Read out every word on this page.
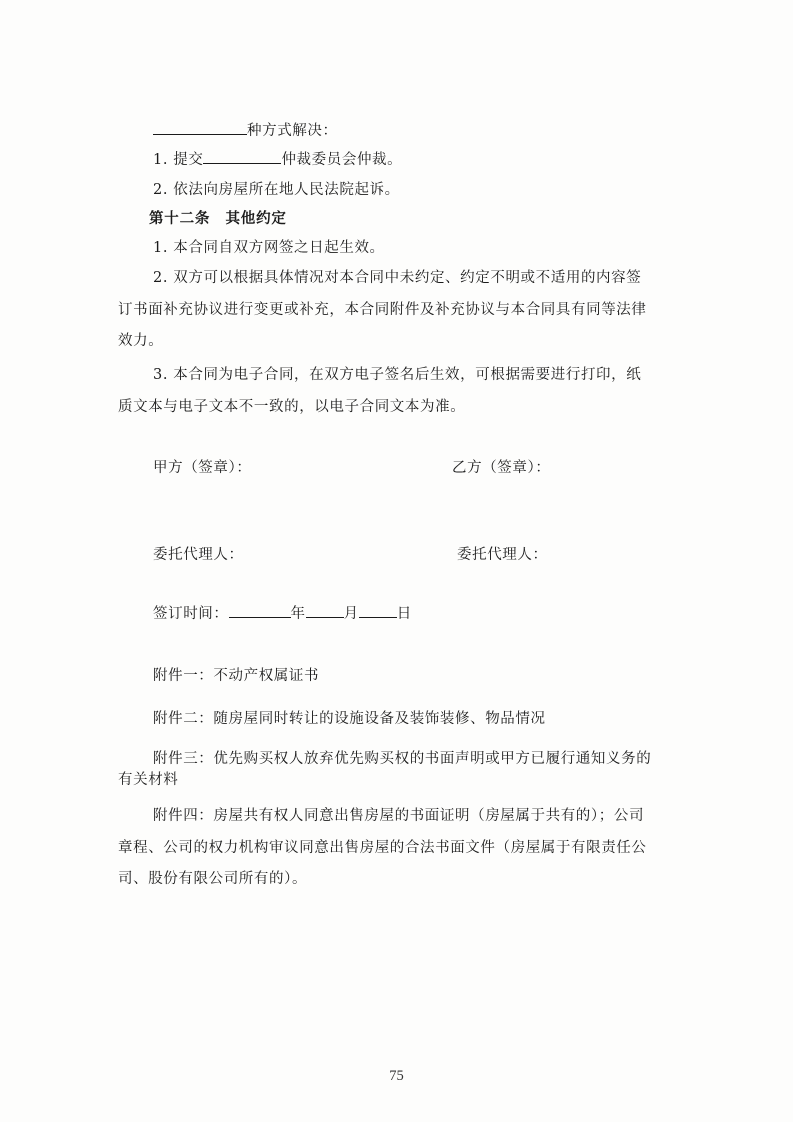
种方式解决：
1. 提交	仲裁委员会仲裁。
2. 依法向房屋所在地人民法院起诉。
第十二条　其他约定
1. 本合同自双方网签之日起生效。
2. 双方可以根据具体情况对本合同中未约定、约定不明或不适用的内容签
订书面补充协议进行变更或补充，本合同附件及补充协议与本合同具有同等法律
效力。
3. 本合同为电子合同，在双方电子签名后生效，可根据需要进行打印，纸
质文本与电子文本不一致的，以电子合同文本为准。
甲方（签章）：	乙方（签章）：
委托代理人：	委托代理人：
签订时间：	年	月	日
附件一：不动产权属证书
附件二：随房屋同时转让的设施设备及装饰装修、物品情况
附件三：优先购买权人放弃优先购买权的书面声明或甲方已履行通知义务的
有关材料
附件四：房屋共有权人同意出售房屋的书面证明（房屋属于共有的）；公司
章程、公司的权力机构审议同意出售房屋的合法书面文件（房屋属于有限责任公
司、股份有限公司所有的）。
75
